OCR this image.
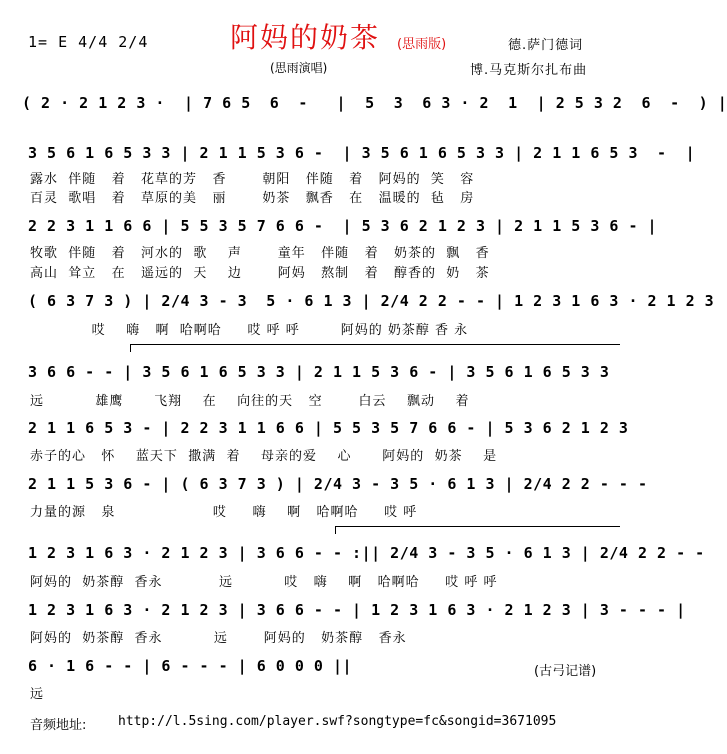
1= E 4/4 2/4	阿妈的奶茶 (思雨版)
(思雨演唱)
德.萨门德词
博.马克斯尔扎布曲
( 2 · 2 1 2 3 ·  | 7 6 5  6  -   |  5  3  6 3 · 2  1  | 2 5 3 2  6  -  ) |
3 5 6 1 6 5 3 3 | 2 1 1 5 3 6 -  | 3 5 6 1 6 5 3 3 | 2 1 1 6 5 3  -  |
露水  伴随   着   花草的芳   香       朝阳   伴随   着   阿妈的  笑   容
百灵  歌唱   着   草原的美   丽       奶茶   飘香   在   温暖的  毡   房
2 2 3 1 1 6 6 | 5 5 3 5 7 6 6 -  | 5 3 6 2 1 2 3 | 2 1 1 5 3 6 - |
牧歌  伴随   着   河水的  歌    声       童年   伴随   着   奶茶的  飘   香
高山  耸立   在   遥远的  天    边       阿妈   熬制   着   醇香的  奶   茶
( 6 3 7 3 ) | 2/4 3 - 3  5 · 6 1 3 | 2/4 2 2 - - | 1 2 3 1 6 3 · 2 1 2 3
哎    嗨   啊  哈啊哈     哎 呼 呼        阿妈的 奶茶醇 香 永
3 6 6 - - | 3 5 6 1 6 5 3 3 | 2 1 1 5 3 6 - | 3 5 6 1 6 5 3 3
远          雄鹰      飞翔    在    向往的天   空       白云    飘动    着
2 1 1 6 5 3 - | 2 2 3 1 1 6 6 | 5 5 3 5 7 6 6 - | 5 3 6 2 1 2 3
赤子的心   怀    蓝天下  撒满  着    母亲的爱    心      阿妈的  奶茶    是
2 1 1 5 3 6 - | ( 6 3 7 3 ) | 2/4 3 - 3 5 · 6 1 3 | 2/4 2 2 - - -
力量的源   泉                   哎     嗨    啊   哈啊哈     哎 呼
1 2 3 1 6 3 · 2 1 2 3 | 3 6 6 - - :|| 2/4 3 - 3 5 · 6 1 3 | 2/4 2 2 - -
阿妈的  奶茶醇  香永           远          哎   嗨    啊   哈啊哈     哎 呼 呼
1 2 3 1 6 3 · 2 1 2 3 | 3 6 6 - - | 1 2 3 1 6 3 · 2 1 2 3 | 3 - - - |
阿妈的  奶茶醇  香永          远       阿妈的   奶茶醇   香永
6 · 1 6 - - | 6 - - - | 6 0 0 0 ||
远
(古弓记谱)
音频地址: http://l.5sing.com/player.swf?songtype=fc&songid=3671095
